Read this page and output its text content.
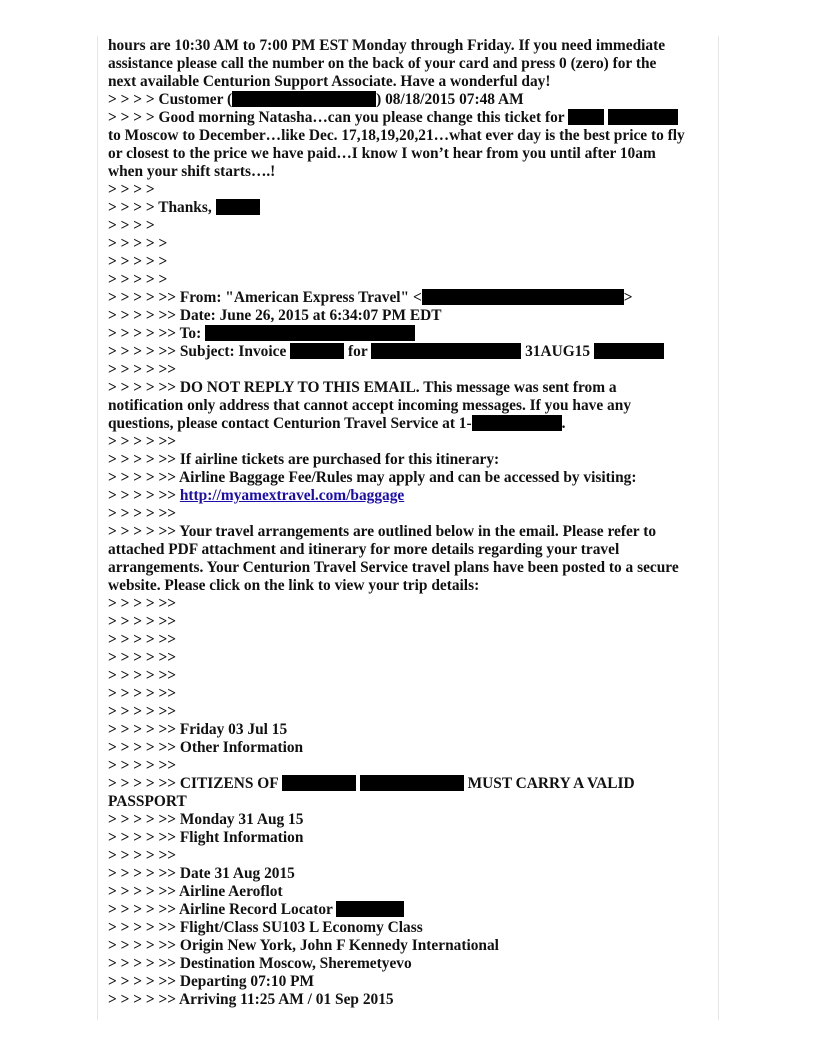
hours are 10:30 AM to 7:00 PM EST Monday through Friday. If you need immediate
assistance please call the number on the back of your card and press 0 (zero) for the
next available Centurion Support Associate. Have a wonderful day!
> > > > Customer (	) 08/18/2015 07:48 AM
> > > > Good morning Natasha…can you please change this ticket for
to Moscow to December…like Dec. 17,18,19,20,21…what ever day is the best price to fly
or closest to the price we have paid…I know I won’t hear from you until after 10am
when your shift starts….!
> > > >
> > > > Thanks,
> > > >
> > > > >
> > > > >
> > > > >
> > > > >> From: "American Express Travel" <	>
> > > > >> Date: June 26, 2015 at 6:34:07 PM EDT
> > > > >> To:
> > > > >> Subject: Invoice	for	31AUG15
> > > > >>
> > > > >> DO NOT REPLY TO THIS EMAIL. This message was sent from a
notification only address that cannot accept incoming messages. If you have any
questions, please contact Centurion Travel Service at 1-	.
> > > > >>
> > > > >> If airline tickets are purchased for this itinerary:
> > > > >> Airline Baggage Fee/Rules may apply and can be accessed by visiting:
> > > > >> http://myamextravel.com/baggage
> > > > >>
> > > > >> Your travel arrangements are outlined below in the email. Please refer to
attached PDF attachment and itinerary for more details regarding your travel
arrangements. Your Centurion Travel Service travel plans have been posted to a secure
website. Please click on the link to view your trip details:
> > > > >>
> > > > >>
> > > > >>
> > > > >>
> > > > >>
> > > > >>
> > > > >>
> > > > >> Friday 03 Jul 15
> > > > >> Other Information
> > > > >>
> > > > >> CITIZENS OF	MUST CARRY A VALID
PASSPORT
> > > > >> Monday 31 Aug 15
> > > > >> Flight Information
> > > > >>
> > > > >> Date 31 Aug 2015
> > > > >> Airline Aeroflot
> > > > >> Airline Record Locator
> > > > >> Flight/Class SU103 L Economy Class
> > > > >> Origin New York, John F Kennedy International
> > > > >> Destination Moscow, Sheremetyevo
> > > > >> Departing 07:10 PM
> > > > >> Arriving 11:25 AM / 01 Sep 2015
